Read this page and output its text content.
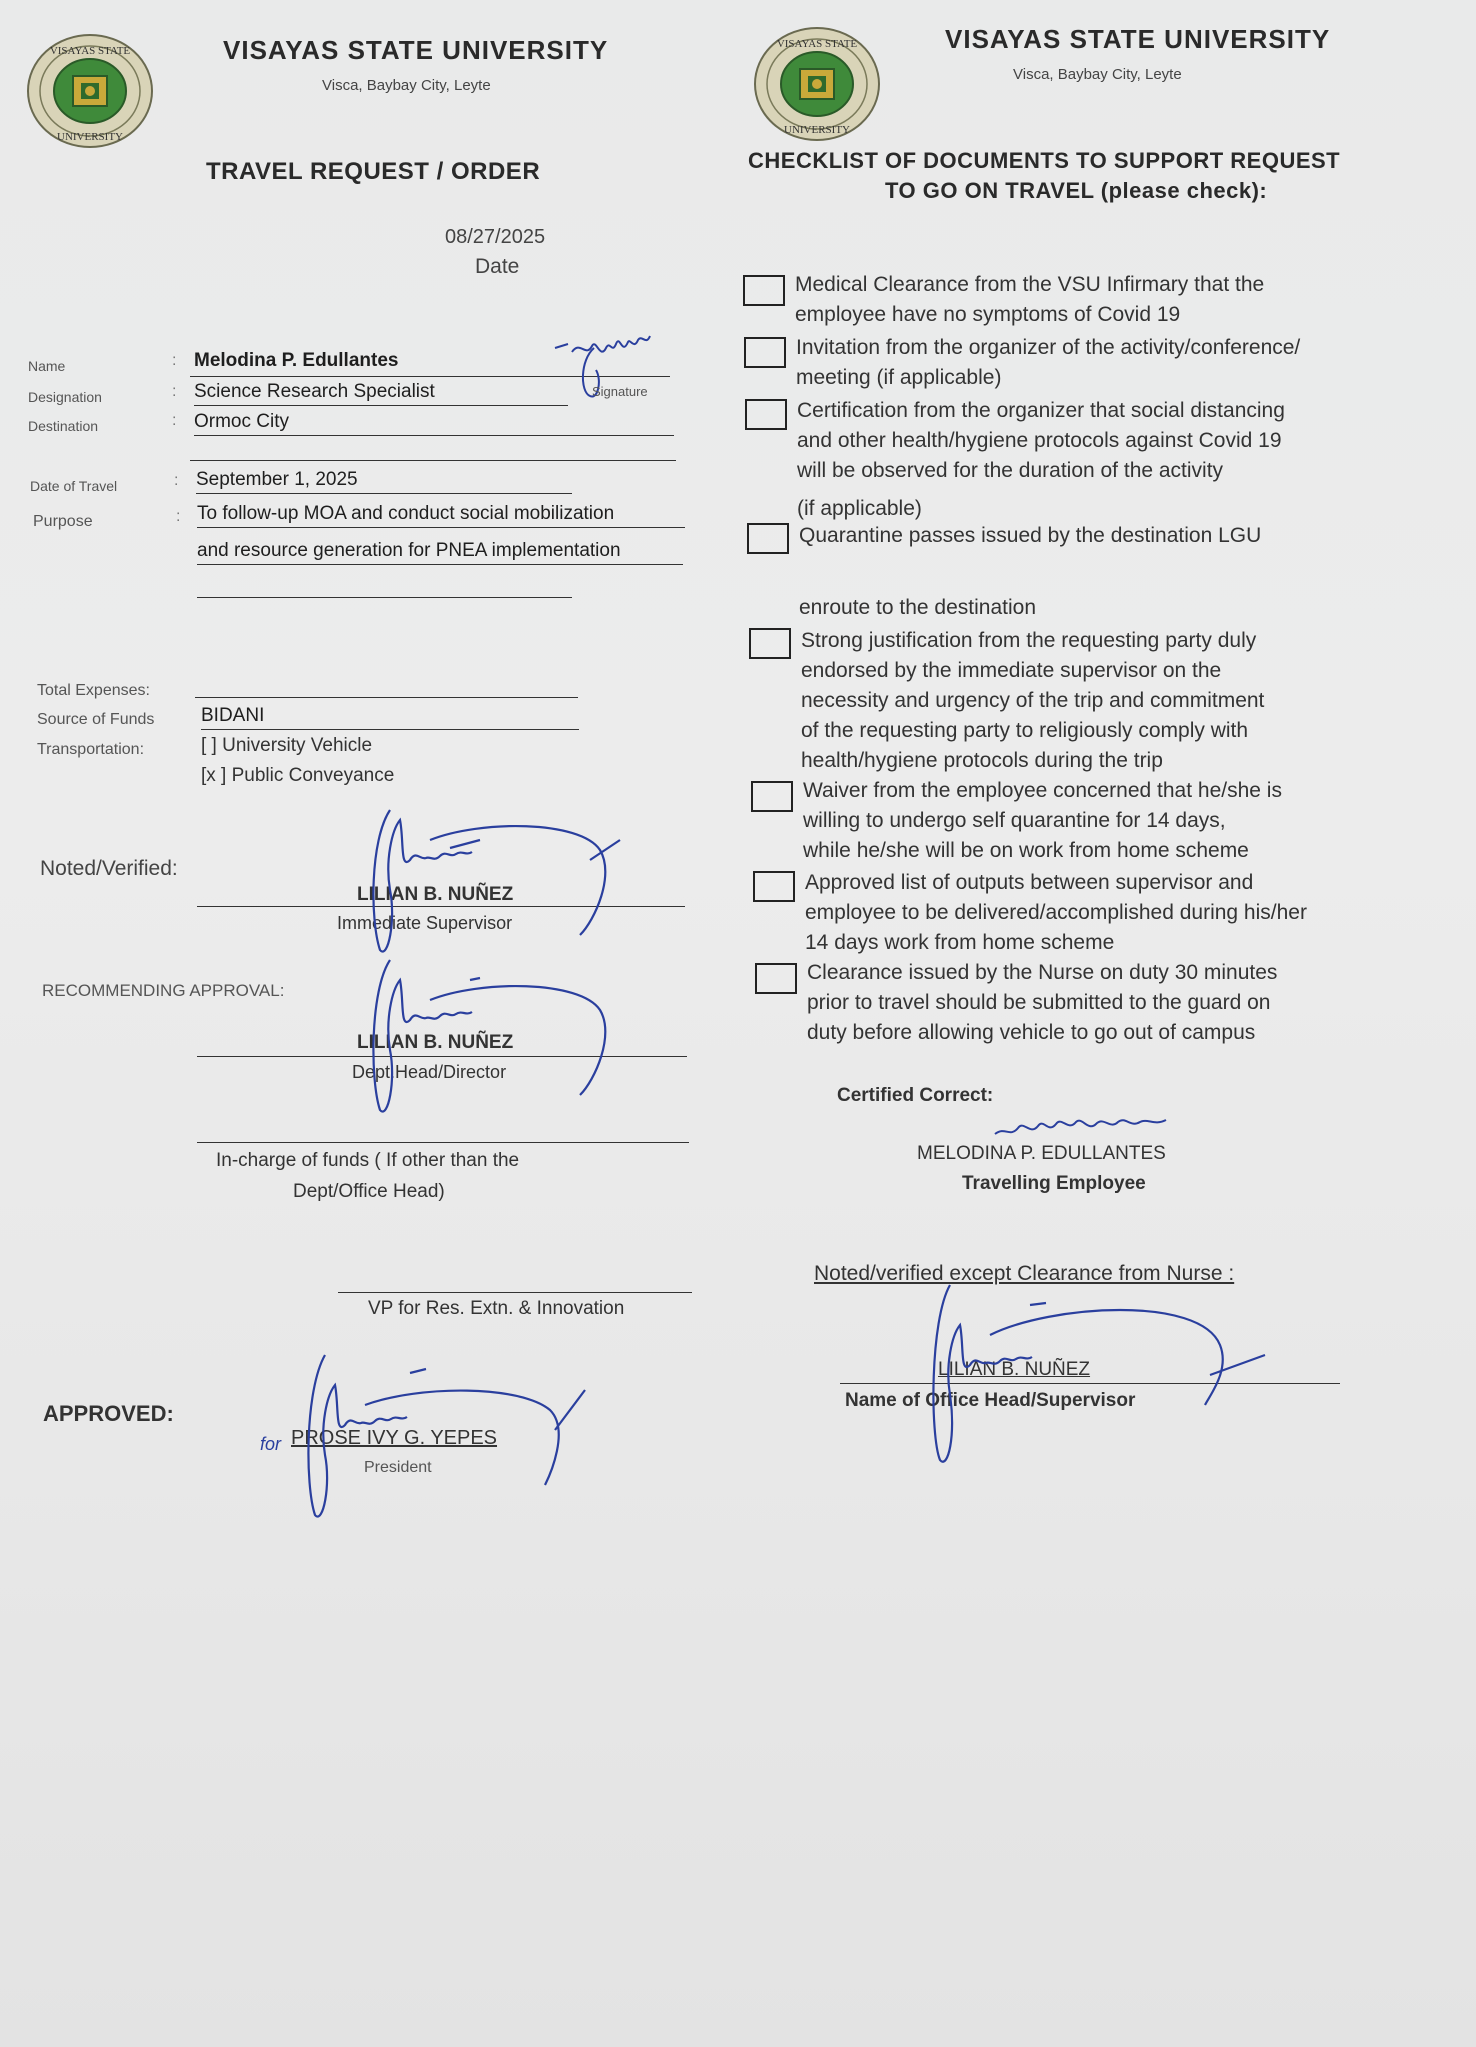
VISAYAS STATE
UNIVERSITY
VISAYAS STATE UNIVERSITY
Visca, Baybay City, Leyte
TRAVEL REQUEST / ORDER
08/27/2025
Date
Name	: Melodina P. Edullantes
Designation	: Science Research Specialist	Signature
Destination	: Ormoc City
Date of Travel	: September 1, 2025
Purpose	: To follow-up MOA and conduct social mobilization
and resource generation for PNEA implementation
Total Expenses:
Source of Funds BIDANI
Transportation:	[ ] University Vehicle
[x ] Public Conveyance
Noted/Verified:
LILIAN B. NUÑEZ
Immediate Supervisor
RECOMMENDING APPROVAL:
LILIAN B. NUÑEZ
Dept.Head/Director
In-charge of funds ( If other than the
Dept/Office Head)
VP for Res. Extn. & Innovation
APPROVED:
for PROSE IVY G. YEPES
President
VISAYAS STATE
UNIVERSITY
VISAYAS STATE UNIVERSITY
Visca, Baybay City, Leyte
CHECKLIST OF DOCUMENTS TO SUPPORT REQUEST
TO GO ON TRAVEL (please check):
Medical Clearance from the VSU Infirmary that the
employee have no symptoms of Covid 19
Invitation from the organizer of the activity/conference/
meeting (if applicable)
Certification from the organizer that social distancing
and other health/hygiene protocols against Covid 19
will be observed for the duration of the activity
(if applicable)
Quarantine passes issued by the destination LGU
enroute to the destination
Strong justification from the requesting party duly
endorsed by the immediate supervisor on the
necessity and urgency of the trip and commitment
of the requesting party to religiously comply with
health/hygiene protocols during the trip
Waiver from the employee concerned that he/she is
willing to undergo self quarantine for 14 days,
while he/she will be on work from home scheme
Approved list of outputs between supervisor and
employee to be delivered/accomplished during his/her
14 days work from home scheme
Clearance issued by the Nurse on duty 30 minutes
prior to travel should be submitted to the guard on
duty before allowing vehicle to go out of campus
Certified Correct:
MELODINA P. EDULLANTES
Travelling Employee
Noted/verified except Clearance from Nurse :
LILIAN B. NUÑEZ
Name of Office Head/Supervisor
